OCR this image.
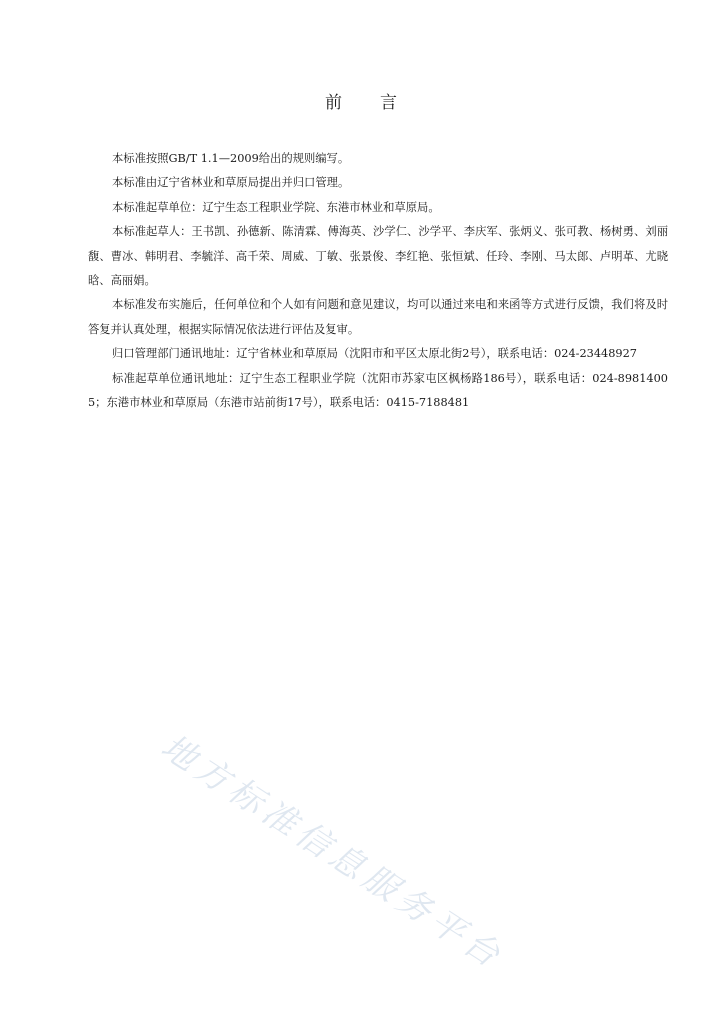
前 言

本标准按照GB/T 1.1—2009给出的规则编写。

本标准由辽宁省林业和草原局提出并归口管理。

本标准起草单位：辽宁生态工程职业学院、东港市林业和草原局。

本标准起草人：王书凯、孙德新、陈清霖、傅海英、沙学仁、沙学平、李庆军、张炳义、张可教、杨树勇、刘丽馥、曹冰、韩明君、李毓洋、高千荣、周威、丁敏、张景俊、李红艳、张恒斌、任玲、李刚、马太郎、卢明革、尤晓晗、高丽娟。

本标准发布实施后，任何单位和个人如有问题和意见建议，均可以通过来电和来函等方式进行反馈，我们将及时答复并认真处理，根据实际情况依法进行评估及复审。

归口管理部门通讯地址：辽宁省林业和草原局（沈阳市和平区太原北街2号），联系电话：024-23448927

标准起草单位通讯地址：辽宁生态工程职业学院（沈阳市苏家屯区枫杨路186号），联系电话：024-89814005；东港市林业和草原局（东港市站前街17号），联系电话：0415-7188481

地方标准信息服务平台
